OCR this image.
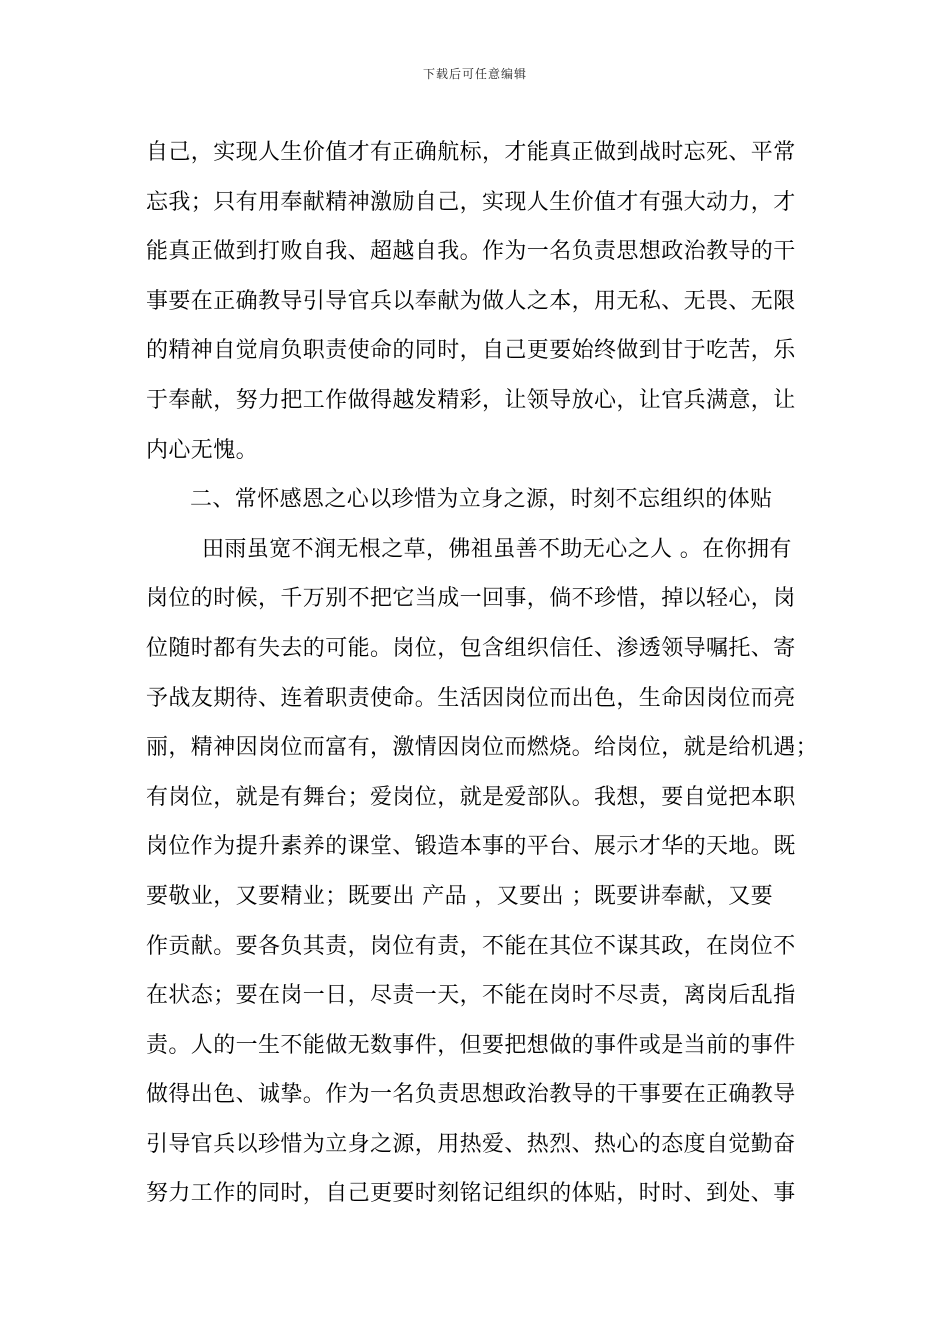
下载后可任意编辑
自己，实现人生价值才有正确航标，才能真正做到战时忘死、平常
忘我；只有用奉献精神激励自己，实现人生价值才有强大动力，才
能真正做到打败自我、超越自我。作为一名负责思想政治教导的干
事要在正确教导引导官兵以奉献为做人之本，用无私、无畏、无限
的精神自觉肩负职责使命的同时，自己更要始终做到甘于吃苦，乐
于奉献，努力把工作做得越发精彩，让领导放心，让官兵满意，让
内心无愧。
二、常怀感恩之心以珍惜为立身之源，时刻不忘组织的体贴
田雨虽宽不润无根之草，佛祖虽善不助无心之人 。在你拥有
岗位的时候，千万别不把它当成一回事，倘不珍惜，掉以轻心，岗
位随时都有失去的可能。岗位，包含组织信任、渗透领导嘱托、寄
予战友期待、连着职责使命。生活因岗位而出色，生命因岗位而亮
丽，精神因岗位而富有，激情因岗位而燃烧。给岗位，就是给机遇；
有岗位，就是有舞台；爱岗位，就是爱部队。我想，要自觉把本职
岗位作为提升素养的课堂、锻造本事的平台、展示才华的天地。既
要敬业，又要精业；既要出 产品 ，又要出 ；既要讲奉献，又要
作贡献。要各负其责，岗位有责，不能在其位不谋其政，在岗位不
在状态；要在岗一日，尽责一天，不能在岗时不尽责，离岗后乱指
责。人的一生不能做无数事件，但要把想做的事件或是当前的事件
做得出色、诚挚。作为一名负责思想政治教导的干事要在正确教导
引导官兵以珍惜为立身之源，用热爱、热烈、热心的态度自觉勤奋
努力工作的同时，自己更要时刻铭记组织的体贴，时时、到处、事
